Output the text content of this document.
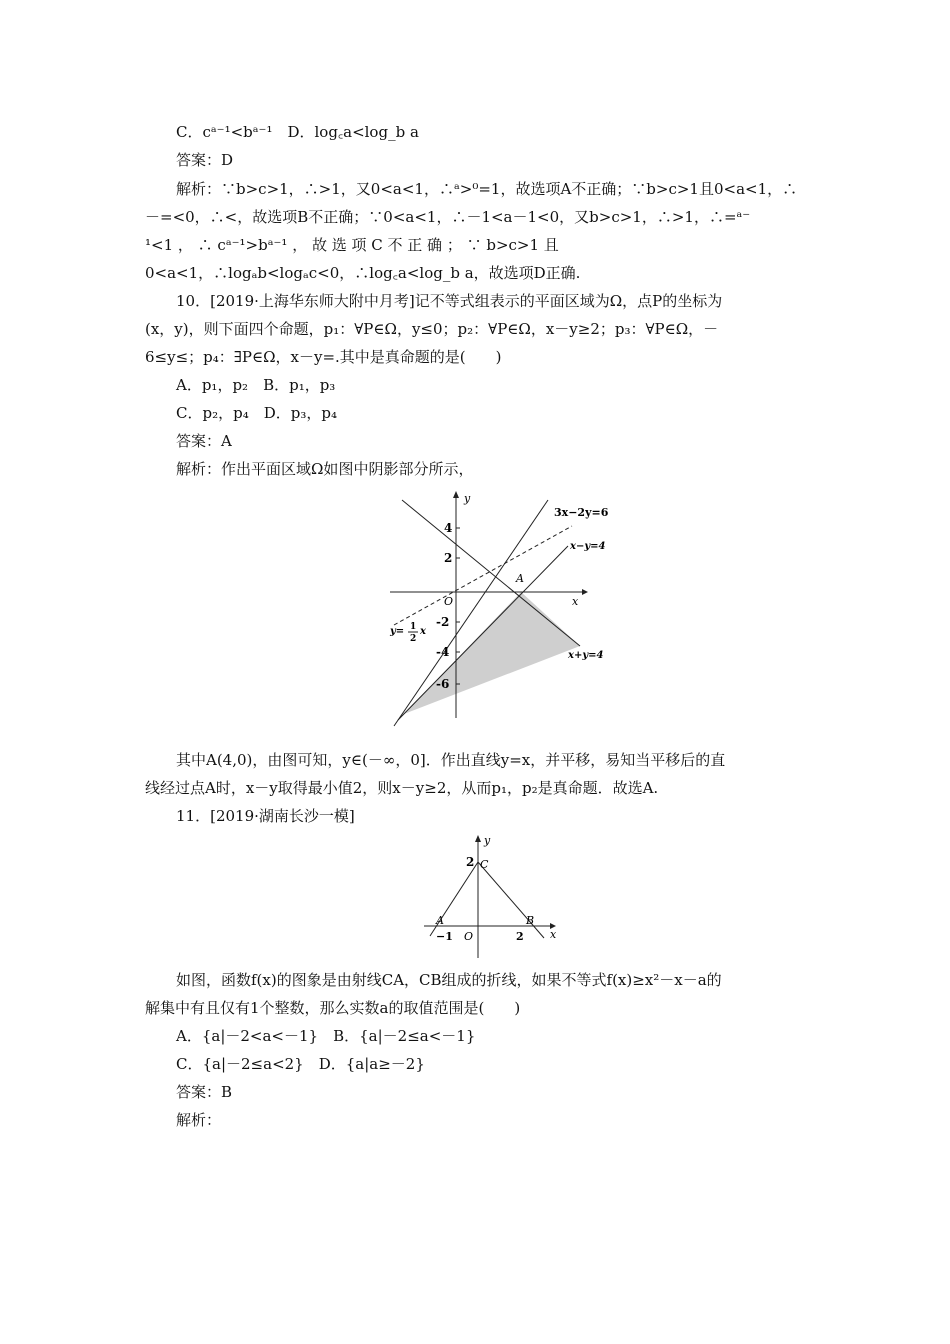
C．cᵃ⁻¹<bᵃ⁻¹　D．log꜀a<log_b a
答案：D
解析：∵b>c>1，∴>1，又0<a<1，∴ᵃ>⁰=1，故选项A不正确；∵b>c>1且0<a<1，∴
－=<0，∴<，故选项B不正确；∵0<a<1，∴－1<a－1<0，又b>c>1，∴>1，∴=ᵃ⁻
¹<1 ， ∴ cᵃ⁻¹>bᵃ⁻¹ ， 故 选 项 C 不 正 确 ； ∵ b>c>1 且
0<a<1，∴logₐb<logₐc<0，∴log꜀a<log_b a，故选项D正确.
10．[2019·上海华东师大附中月考]记不等式组表示的平面区域为Ω，点P的坐标为
(x，y)，则下面四个命题，p₁：∀P∈Ω，y≤0；p₂：∀P∈Ω，x－y≥2；p₃：∀P∈Ω，－
6≤y≤；p₄：∃P∈Ω，x－y=.其中是真命题的是(　　)
A．p₁，p₂　B．p₁，p₃
C．p₂，p₄　D．p₃，p₄
答案：A
解析：作出平面区域Ω如图中阴影部分所示，
y
x
O
4
2
-2
-4
-6
3x−2y=6
x−y=4
x+y=4
A
y= 1
2
x
其中A(4,0)，由图可知，y∈(－∞，0]．作出直线y=x，并平移，易知当平移后的直
线经过点A时，x－y取得最小值2，则x－y≥2，从而p₁，p₂是真命题．故选A.
11．[2019·湖南长沙一模]
y
x
2 C
A	B
−1 O	2
如图，函数f(x)的图象是由射线CA，CB组成的折线，如果不等式f(x)≥x²－x－a的
解集中有且仅有1个整数，那么实数a的取值范围是(　　)
A．{a|－2<a<－1}　B．{a|－2≤a<－1}
C．{a|－2≤a<2}　D．{a|a≥－2}
答案：B
解析：
